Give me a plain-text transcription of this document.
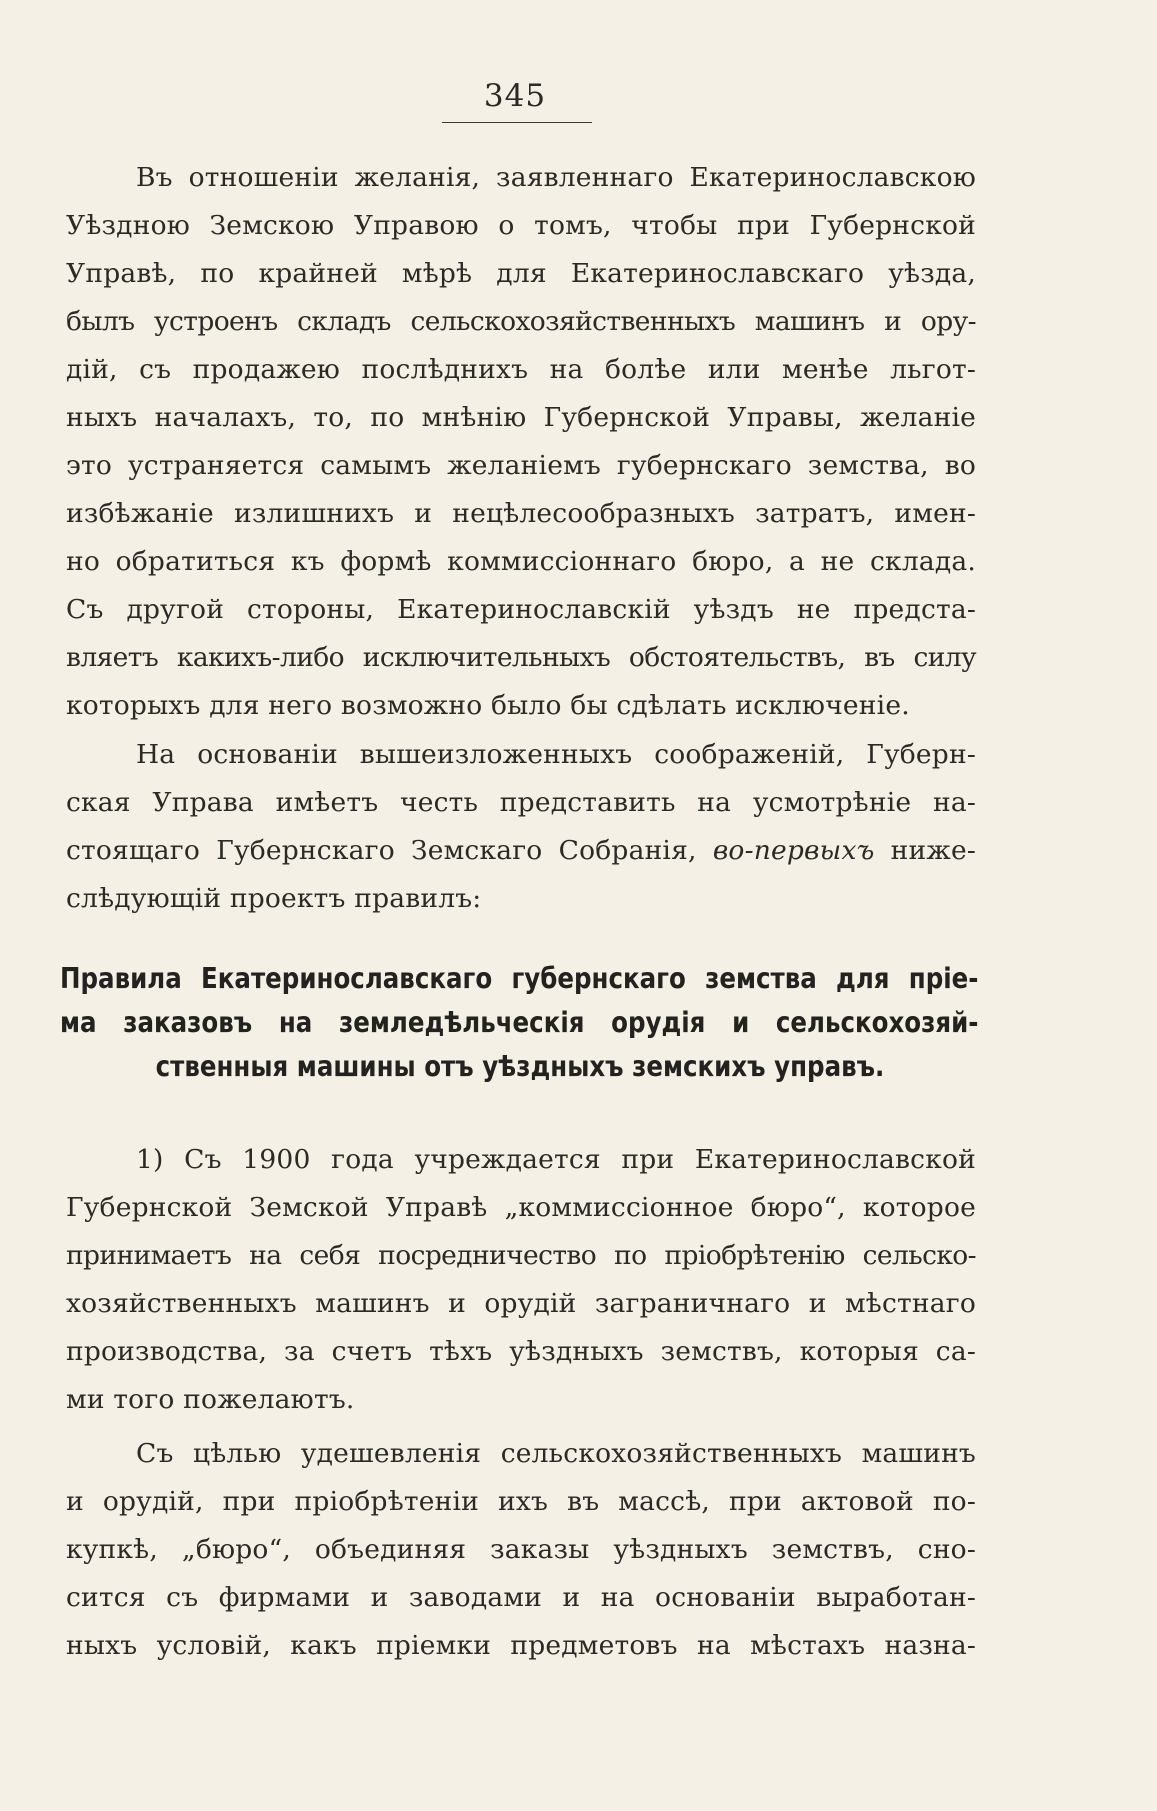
345
Въ отношенiи желанiя, заявленнаго Екатеринославскою
Уѣздною Земскою Управою о томъ, чтобы при Губернской
Управѣ, по крайней мѣрѣ для Екатеринославскаго уѣзда,
былъ устроенъ складъ сельскохозяйственныхъ машинъ и ору-
дiй, съ продажею послѣднихъ на болѣе или менѣе льгот-
ныхъ началахъ, то, по мнѣнiю Губернской Управы, желанiе
это устраняется самымъ желанiемъ губернскаго земства, во
избѣжанiе излишнихъ и нецѣлесообразныхъ затратъ, имен-
но обратиться къ формѣ коммиссiоннаго бюро, а не склада.
Съ другой стороны, Екатеринославскiй уѣздъ не предста-
вляетъ какихъ-либо исключительныхъ обстоятельствъ, въ силу
которыхъ для него возможно было бы сдѣлать исключенiе.
На основанiи вышеизложенныхъ соображенiй, Губерн-
ская Управа имѣетъ честь представить на усмотрѣнiе на-
стоящаго Губернскаго Земскаго Собранiя, во-первыхъ ниже-
слѣдующiй проектъ правилъ:
Правила Екатеринославскаго губернскаго земства для прiе-
ма заказовъ на земледѣльческiя орудiя и сельскохозяй-
ственныя машины отъ уѣздныхъ земскихъ управъ.
1) Съ 1900 года учреждается при Екатеринославской
Губернской Земской Управѣ „коммиссiонное бюро“, которое
принимаетъ на себя посредничество по прiобрѣтенiю сельско-
хозяйственныхъ машинъ и орудiй заграничнаго и мѣстнаго
производства, за счетъ тѣхъ уѣздныхъ земствъ, которыя са-
ми того пожелаютъ.
Съ цѣлью удешевленiя сельскохозяйственныхъ машинъ
и орудiй, при прiобрѣтенiи ихъ въ массѣ, при актовой по-
купкѣ, „бюро“, объединяя заказы уѣздныхъ земствъ, сно-
сится съ фирмами и заводами и на основанiи выработан-
ныхъ условiй, какъ прiемки предметовъ на мѣстахъ назна-
